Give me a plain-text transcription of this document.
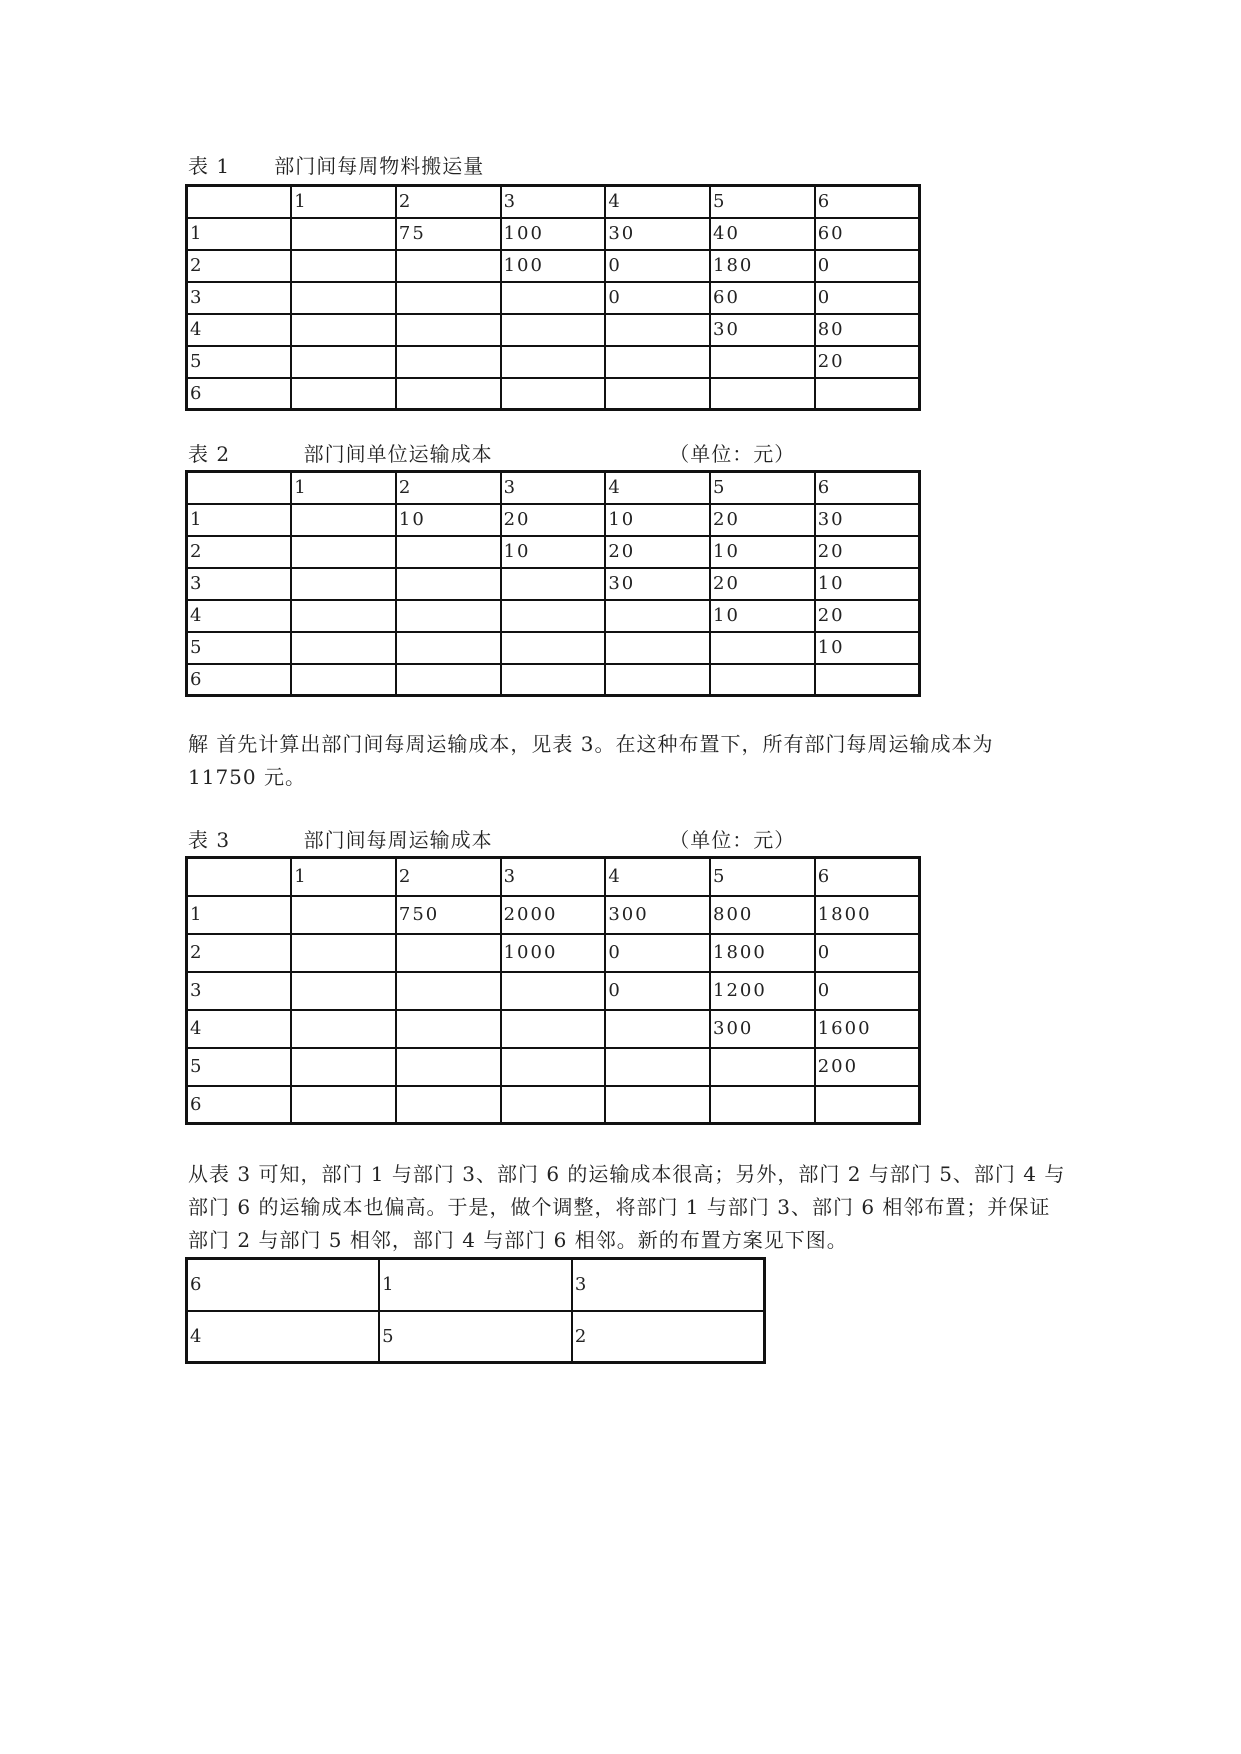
表 1      部门间每周物料搬运量
	1	2	3	4	5	6
1		75	100	30	40	60
2			100	0	180	0
3				0	60	0
4					30	80
5						20
6						
表 2          部门间单位运输成本                        （单位：元）
	1	2	3	4	5	6
1		10	20	10	20	30
2			10	20	10	20
3				30	20	10
4					10	20
5						10
6						
解 首先计算出部门间每周运输成本，见表 3。在这种布置下，所有部门每周运输成本为 11750 元。
表 3          部门间每周运输成本                        （单位：元）
	1	2	3	4	5	6
1		750	2000	300	800	1800
2			1000	0	1800	0
3				0	1200	0
4					300	1600
5						200
6						
从表 3 可知，部门 1 与部门 3、部门 6 的运输成本很高；另外，部门 2 与部门 5、部门 4 与部门 6 的运输成本也偏高。于是，做个调整，将部门 1 与部门 3、部门 6 相邻布置；并保证部门 2 与部门 5 相邻，部门 4 与部门 6 相邻。新的布置方案见下图。
6	1	3
4	5	2
